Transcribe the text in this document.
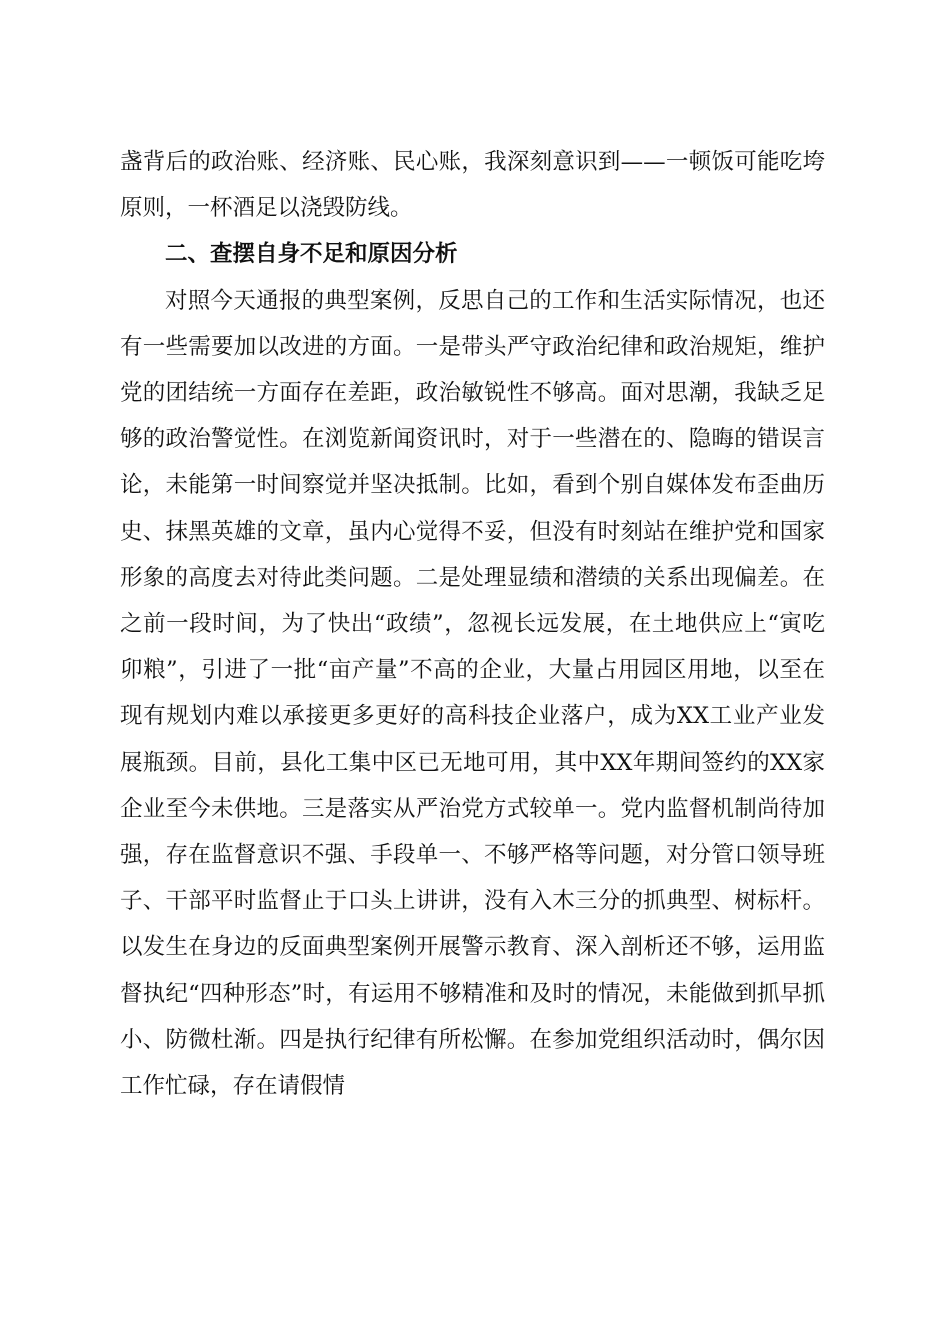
盏背后的政治账、经济账、民心账，我深刻意识到——一顿饭可能吃垮原则，一杯酒足以浇毁防线。

二、查摆自身不足和原因分析

对照今天通报的典型案例，反思自己的工作和生活实际情况，也还有一些需要加以改进的方面。一是带头严守政治纪律和政治规矩，维护党的团结统一方面存在差距，政治敏锐性不够高。面对思潮，我缺乏足够的政治警觉性。在浏览新闻资讯时，对于一些潜在的、隐晦的错误言论，未能第一时间察觉并坚决抵制。比如，看到个别自媒体发布歪曲历史、抹黑英雄的文章，虽内心觉得不妥，但没有时刻站在维护党和国家形象的高度去对待此类问题。二是处理显绩和潜绩的关系出现偏差。在之前一段时间，为了快出“政绩”，忽视长远发展，在土地供应上“寅吃卯粮”，引进了一批“亩产量”不高的企业，大量占用园区用地，以至在现有规划内难以承接更多更好的高科技企业落户，成为XX工业产业发展瓶颈。目前，县化工集中区已无地可用，其中XX年期间签约的XX家企业至今未供地。三是落实从严治党方式较单一。党内监督机制尚待加强，存在监督意识不强、手段单一、不够严格等问题，对分管口领导班子、干部平时监督止于口头上讲讲，没有入木三分的抓典型、树标杆。以发生在身边的反面典型案例开展警示教育、深入剖析还不够，运用监督执纪“四种形态”时，有运用不够精准和及时的情况，未能做到抓早抓小、防微杜渐。四是执行纪律有所松懈。在参加党组织活动时，偶尔因工作忙碌，存在请假情
